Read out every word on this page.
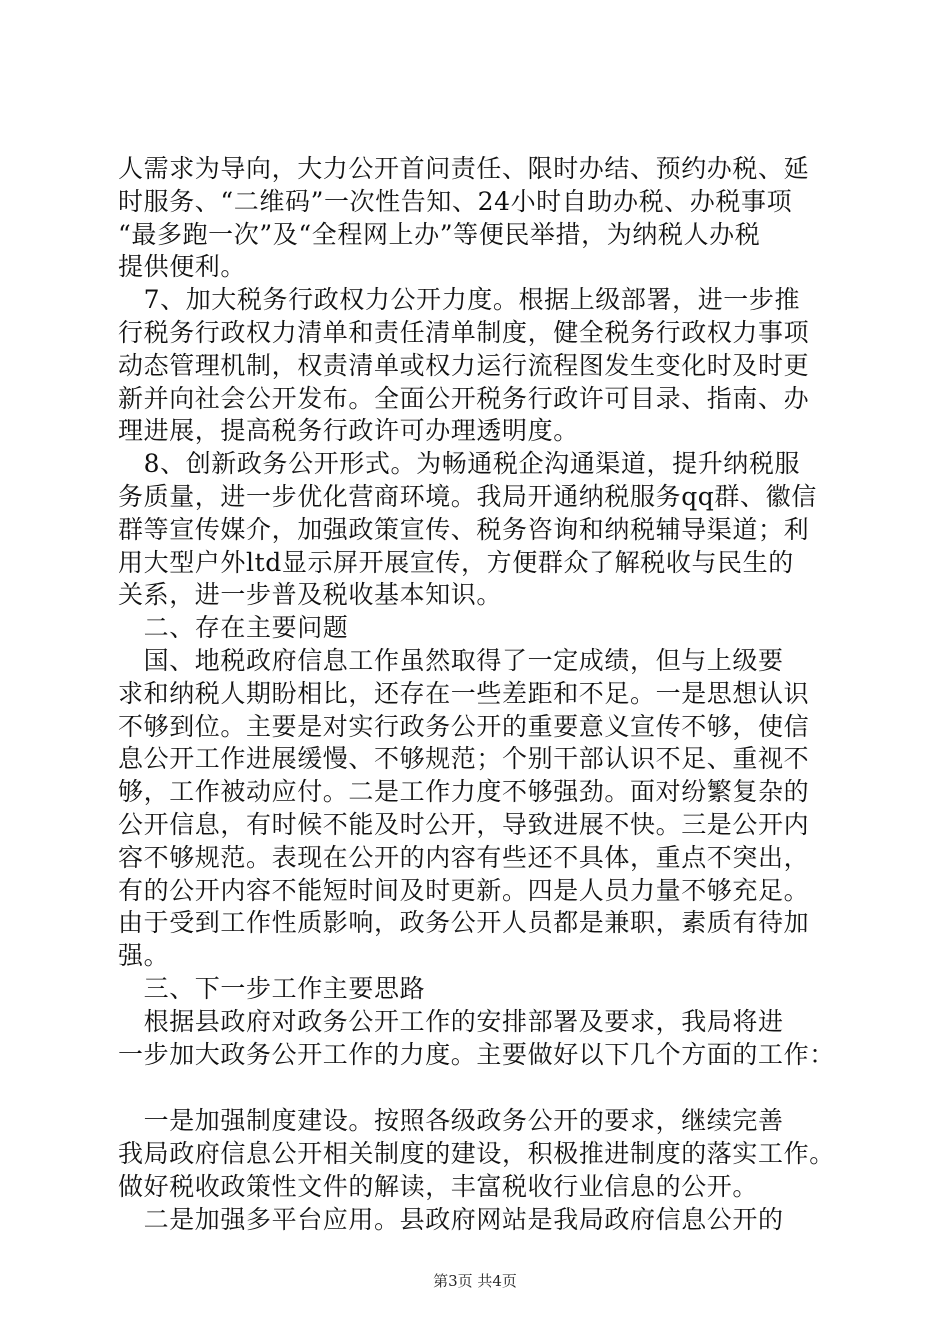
人需求为导向，大力公开首问责任、限时办结、预约办税、延
时服务、“二维码”一次性告知、24小时自助办税、办税事项
“最多跑一次”及“全程网上办”等便民举措，为纳税人办税
提供便利。
　7、加大税务行政权力公开力度。根据上级部署，进一步推
行税务行政权力清单和责任清单制度，健全税务行政权力事项
动态管理机制，权责清单或权力运行流程图发生变化时及时更
新并向社会公开发布。全面公开税务行政许可目录、指南、办
理进展，提高税务行政许可办理透明度。
　8、创新政务公开形式。为畅通税企沟通渠道，提升纳税服
务质量，进一步优化营商环境。我局开通纳税服务qq群、徽信
群等宣传媒介，加强政策宣传、税务咨询和纳税辅导渠道；利
用大型户外ltd显示屏开展宣传，方便群众了解税收与民生的
关系，进一步普及税收基本知识。
　二、存在主要问题
　国、地税政府信息工作虽然取得了一定成绩，但与上级要
求和纳税人期盼相比，还存在一些差距和不足。一是思想认识
不够到位。主要是对实行政务公开的重要意义宣传不够，使信
息公开工作进展缓慢、不够规范；个别干部认识不足、重视不
够，工作被动应付。二是工作力度不够强劲。面对纷繁复杂的
公开信息，有时候不能及时公开，导致进展不快。三是公开内
容不够规范。表现在公开的内容有些还不具体，重点不突出，
有的公开内容不能短时间及时更新。四是人员力量不够充足。
由于受到工作性质影响，政务公开人员都是兼职，素质有待加
强。
　三、下一步工作主要思路
　根据县政府对政务公开工作的安排部署及要求，我局将进
一步加大政务公开工作的力度。主要做好以下几个方面的工作：
　一是加强制度建设。按照各级政务公开的要求，继续完善
我局政府信息公开相关制度的建设，积极推进制度的落实工作。
做好税收政策性文件的解读，丰富税收行业信息的公开。
　二是加强多平台应用。县政府网站是我局政府信息公开的
第3页 共4页
